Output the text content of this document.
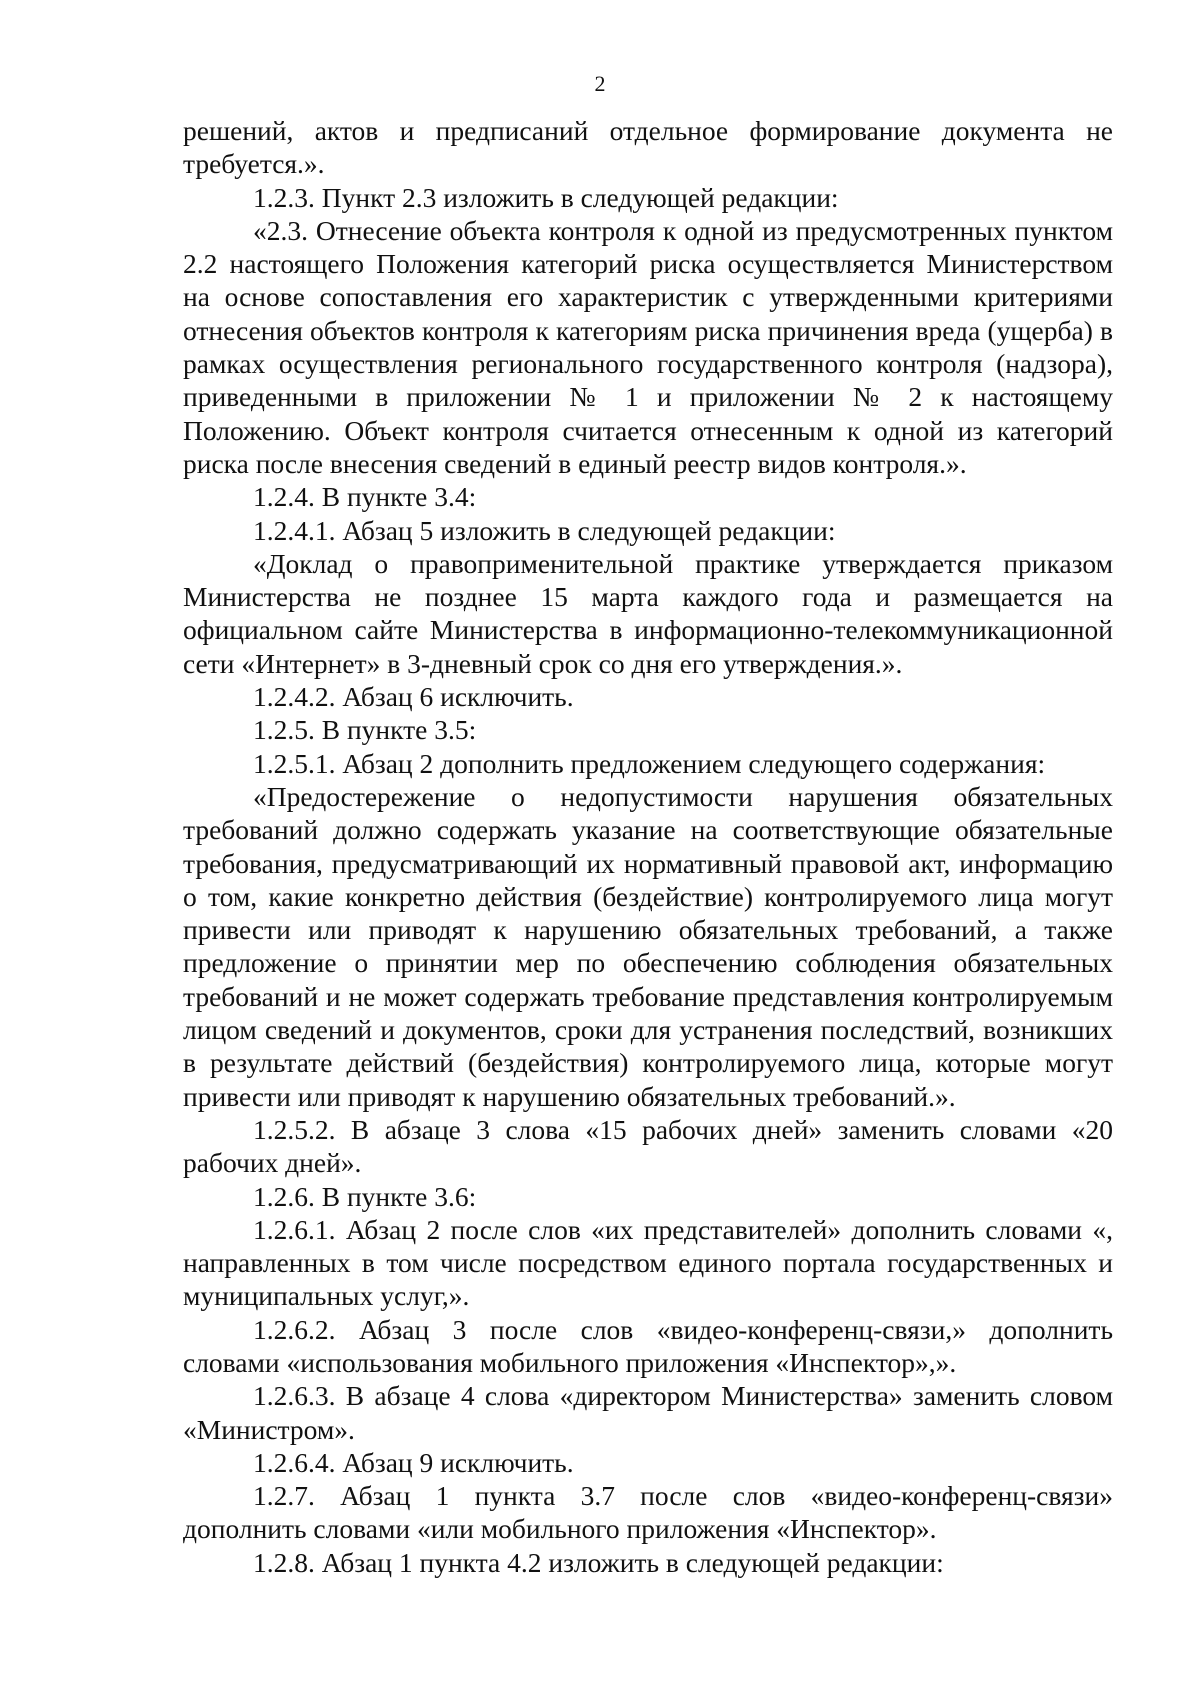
2

решений, актов и предписаний отдельное формирование документа не требуется.».

1.2.3. Пункт 2.3 изложить в следующей редакции:

«2.3. Отнесение объекта контроля к одной из предусмотренных пунктом 2.2 настоящего Положения категорий риска осуществляется Министерством на основе сопоставления его характеристик с утвержденными критериями отнесения объектов контроля к категориям риска причинения вреда (ущерба) в рамках осуществления регионального государственного контроля (надзора), приведенными в приложении № 1 и приложении № 2 к настоящему Положению. Объект контроля считается отнесенным к одной из категорий риска после внесения сведений в единый реестр видов контроля.».

1.2.4. В пункте 3.4:

1.2.4.1. Абзац 5 изложить в следующей редакции:

«Доклад о правоприменительной практике утверждается приказом Министерства не позднее 15 марта каждого года и размещается на официальном сайте Министерства в информационно-телекоммуникационной сети «Интернет» в 3-дневный срок со дня его утверждения.».

1.2.4.2. Абзац 6 исключить.

1.2.5. В пункте 3.5:

1.2.5.1. Абзац 2 дополнить предложением следующего содержания:

«Предостережение о недопустимости нарушения обязательных требований должно содержать указание на соответствующие обязательные требования, предусматривающий их нормативный правовой акт, информацию о том, какие конкретно действия (бездействие) контролируемого лица могут привести или приводят к нарушению обязательных требований, а также предложение о принятии мер по обеспечению соблюдения обязательных требований и не может содержать требование представления контролируемым лицом сведений и документов, сроки для устранения последствий, возникших в результате действий (бездействия) контролируемого лица, которые могут привести или приводят к нарушению обязательных требований.».

1.2.5.2. В абзаце 3 слова «15 рабочих дней» заменить словами «20 рабочих дней».

1.2.6. В пункте 3.6:

1.2.6.1. Абзац 2 после слов «их представителей» дополнить словами «, направленных в том числе посредством единого портала государственных и муниципальных услуг,».

1.2.6.2. Абзац 3 после слов «видео-конференц-связи,» дополнить словами «использования мобильного приложения «Инспектор»,».

1.2.6.3. В абзаце 4 слова «директором Министерства» заменить словом «Министром».

1.2.6.4. Абзац 9 исключить.

1.2.7. Абзац 1 пункта 3.7 после слов «видео-конференц-связи» дополнить словами «или мобильного приложения «Инспектор».

1.2.8. Абзац 1 пункта 4.2 изложить в следующей редакции:
